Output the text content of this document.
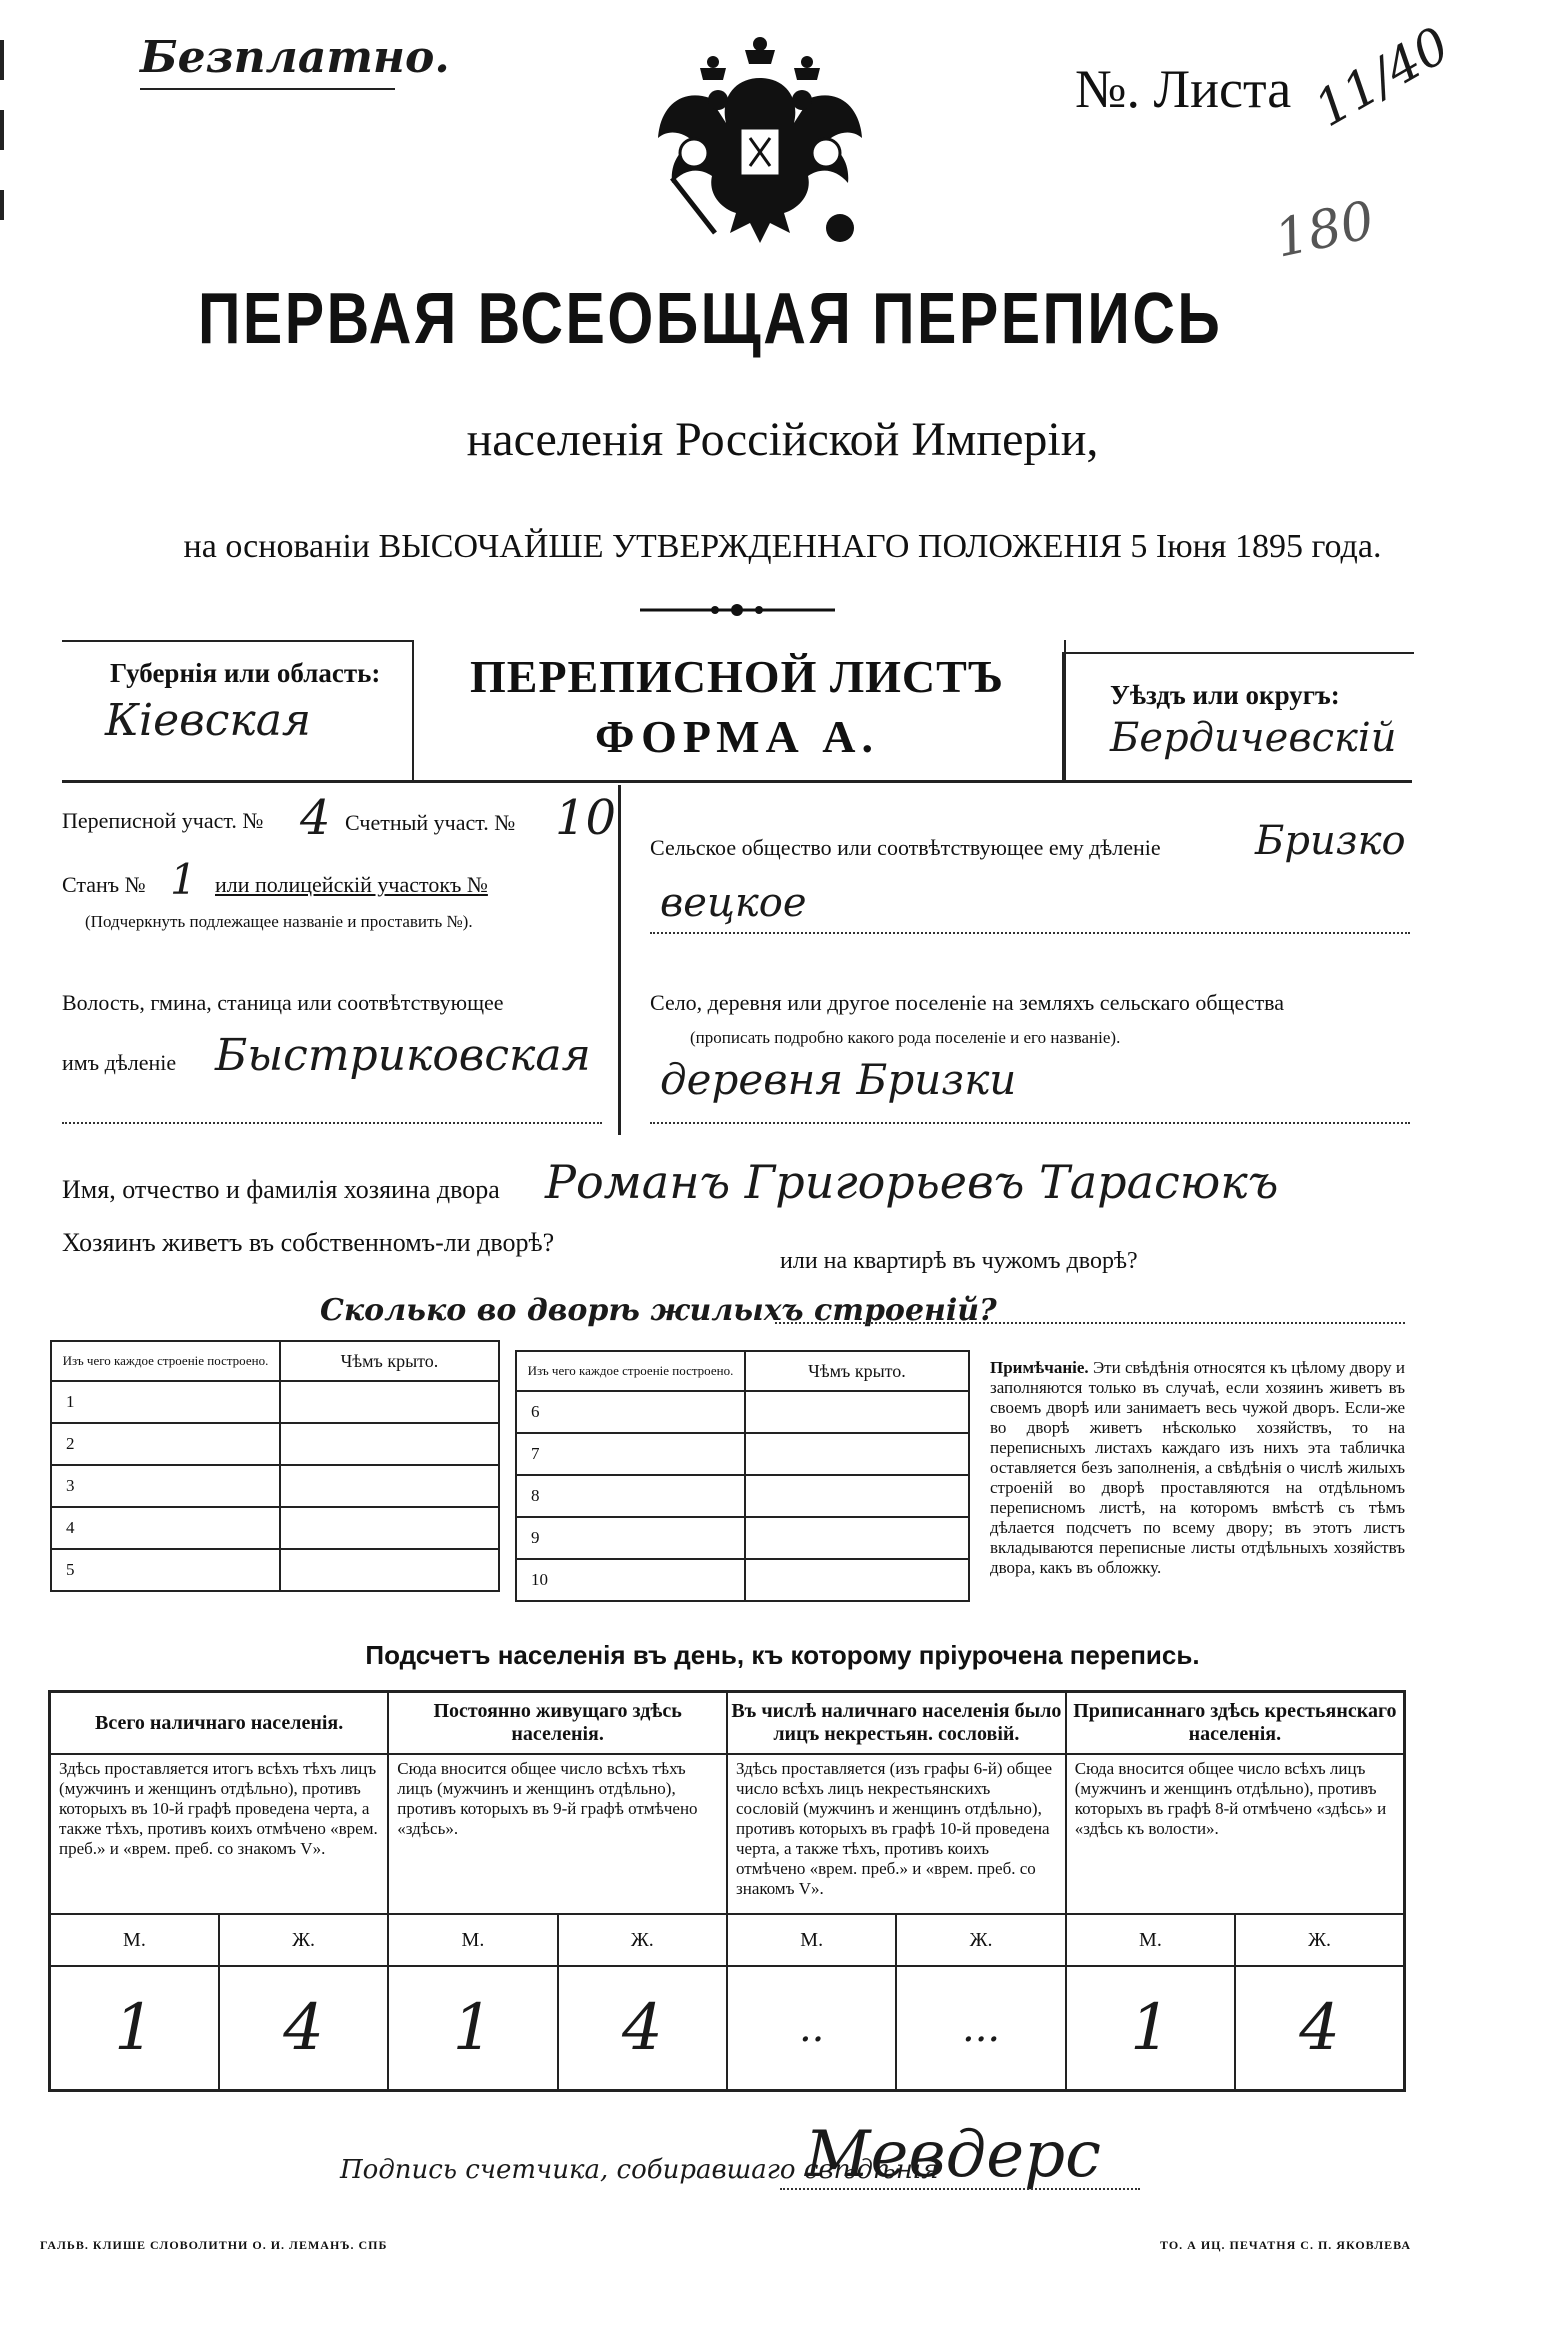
Безплатно.
№. Листа 11/40
180
ПЕРВАЯ ВСЕОБЩАЯ ПЕРЕПИСЬ
населенія Россійской Имперіи,
на основаніи ВЫСОЧАЙШЕ УТВЕРЖДЕННАГО ПОЛОЖЕНІЯ 5 Іюня 1895 года.
Губернія или область:
Кіевская
ПЕРЕПИСНОЙ ЛИСТЪ
ФОРМА А.
Уѣздъ или округъ:
Бердичевскій
Переписной участ. № 4 Счетный участ. № 10
Станъ № 1 или полицейскій участокъ №
(Подчеркнуть подлежащее названіе и проставить №).
Волость, гмина, станица или соотвѣтствующее
имъ дѣленіе Быстриковская
Сельское общество или соотвѣтствующее ему дѣленіе Бризко
вецкое
Село, деревня или другое поселеніе на земляхъ сельскаго общества
(прописать подробно какого рода поселеніе и его названіе).
деревня Бризки
Имя, отчество и фамилія хозяина двора Романъ Григорьевъ Тарасюкъ
Хозяинъ живетъ въ собственномъ-ли дворѣ?
или на квартирѣ въ чужомъ дворѣ?
Сколько во дворѣ жилыхъ строеній?
Изъ чего каждое строеніе построено.	Чѣмъ крыто.
1	
2	
3	
4	
5	
Изъ чего каждое строеніе построено.	Чѣмъ крыто.
6	
7	
8	
9	
10	
Примѣчаніе. Эти свѣдѣнія относятся къ цѣлому двору и заполняются только въ случаѣ, если хозяинъ живетъ въ своемъ дворѣ или занимаетъ весь чужой дворъ. Если-же во дворѣ живетъ нѣсколько хозяйствъ, то на переписныхъ листахъ каждаго изъ нихъ эта табличка оставляется безъ заполненія, а свѣдѣнія о числѣ жилыхъ строеній во дворѣ проставляются на отдѣльномъ переписномъ листѣ, на которомъ вмѣстѣ съ тѣмъ дѣлается подсчетъ по всему двору; въ этотъ листъ вкладываются переписные листы отдѣльныхъ хозяйствъ двора, какъ въ обложку.
Подсчетъ населенія въ день, къ которому пріурочена перепись.
Всего наличнаго населенія.		Постоянно живущаго здѣсь населенія.		Въ числѣ наличнаго населенія было лицъ некрестьян. сословій.		Приписаннаго здѣсь крестьянскаго населенія.	
Здѣсь проставляется итогъ всѣхъ тѣхъ лицъ (мужчинъ и женщинъ отдѣльно), противъ которыхъ въ 10-й графѣ проведена черта, а также тѣхъ, противъ коихъ отмѣчено «врем. преб.» и «врем. преб. со знакомъ V».		Сюда вносится общее число всѣхъ тѣхъ лицъ (мужчинъ и женщинъ отдѣльно), противъ которыхъ въ 9-й графѣ отмѣчено «здѣсь».		Здѣсь проставляется (изъ графы 6-й) общее число всѣхъ лицъ некрестьянскихъ сословій (мужчинъ и женщинъ отдѣльно), противъ которыхъ въ графѣ 10-й проведена черта, а также тѣхъ, противъ коихъ отмѣчено «врем. преб.» и «врем. преб. со знакомъ V».		Сюда вносится общее число всѣхъ лицъ (мужчинъ и женщинъ отдѣльно), противъ которыхъ въ графѣ 8-й отмѣчено «здѣсь» и «здѣсь къ волости».	
М.	Ж.	М.	Ж.	М.	Ж.	М.	Ж.
1	4	1	4	..	...	1	4
Подпись счетчика, собиравшаго свѣдѣнія
Мевдерс
ГАЛЬВ. КЛИШЕ СЛОВОЛИТНИ О. И. ЛЕМАНЪ. СПБ	ТО. А ИЦ. ПЕЧАТНЯ С. П. ЯКОВЛЕВА
